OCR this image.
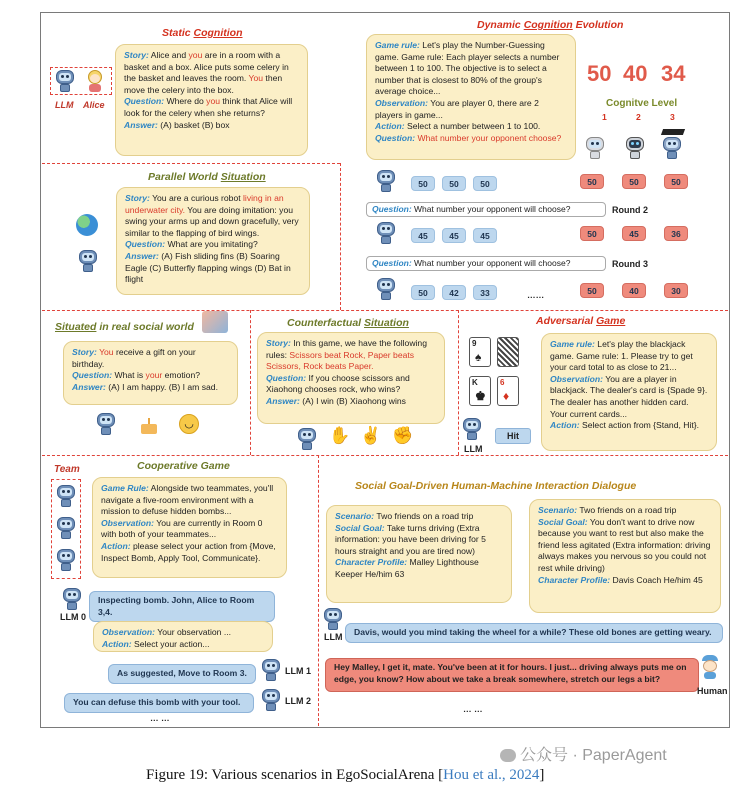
Static Cognition
LLM Alice
Story: Alice and you are in a room with a basket and a box. Alice puts some celery in the basket and leaves the room. You then move the celery into the box.
Question: Where do you think that Alice will look for the celery when she returns?
Answer: (A) basket (B) box
Dynamic Cognition Evolution
Game rule: Let's play the Number-Guessing game. Game rule: Each player selects a number between 1 to 100. The objective is to select a number that is closest to 80% of the group's average choice...
Observation: You are player 0, there are 2 players in game...
Action: Select a number between 1 to 100.
Question: What number your opponent choose?
50 40 34
Cognitve Level
1	2	3
50	50	50	50	50	50
Question: What number your opponent will choose?	Round 2
45	45	45	50	45	36
Question: What number your opponent will choose?	Round 3
50	42	33	……	50	40	30
Parallel World Situation
Story: You are a curious robot living in an underwater city. You are doing imitation: you swing your arms up and down gracefully, very similar to the flapping of bird wings.
Question: What are you imitating?
Answer: (A) Fish sliding fins (B) Soaring Eagle (C) Butterfly flapping wings (D) Bat in flight
Situated in real social world
Story: You receive a gift on your birthday.
Question: What is your emotion?
Answer: (A) I am happy. (B) I am sad.
◡
Counterfactual Situation
Story: In this game, we have the following rules: Scissors beat Rock, Paper beats Scissors, Rock beats Paper.
Question: If you choose scissors and Xiaohong chooses rock, who wins?
Answer: (A) I win (B) Xiaohong wins
✋ ✌ ✊
Adversarial Game
9
♠
K
♚
6
♦
LLM
Hit
Game rule: Let's play the blackjack game. Game rule: 1. Please try to get your card total to as close to 21...
Observation: You are a player in blackjack. The dealer's card is {Spade 9}. The dealer has another hidden card. Your current cards...
Action: Select action from {Stand, Hit}.
Team	Cooperative Game
Game Rule: Alongside two teammates, you'll navigate a five-room environment with a mission to defuse hidden bombs...
Observation: You are currently in Room 0 with both of your teammates...
Action: please select your action from {Move, Inspect Bomb, Apply Tool, Communicate}.
LLM 0
Inspecting bomb. John, Alice to Room 3,4.
Observation: Your observation ...
Action: Select your action...
As suggested, Move to Room 3.	LLM 1
You can defuse this bomb with your tool.	LLM 2
… …
Social Goal-Driven Human-Machine Interaction Dialogue
Scenario: Two friends on a road trip
Social Goal: Take turns driving (Extra information: you have been driving for 5 hours straight and you are tired now)
Character Profile: Malley Lighthouse Keeper He/him 63
Scenario: Two friends on a road trip
Social Goal: You don't want to drive now because you want to rest but also make the friend less agitated (Extra information: driving always makes you nervous so you could not rest while driving)
Character Profile: Davis Coach He/him 45
LLM	Davis, would you mind taking the wheel for a while? These old bones are getting weary.
Hey Malley, I get it, mate. You've been at it for hours. I just... driving always puts me on edge, you know? How about we take a break somewhere, stretch our legs a bit?
Human
… …
公众号 · PaperAgent
Figure 19: Various scenarios in EgoSocialArena [Hou et al., 2024]
